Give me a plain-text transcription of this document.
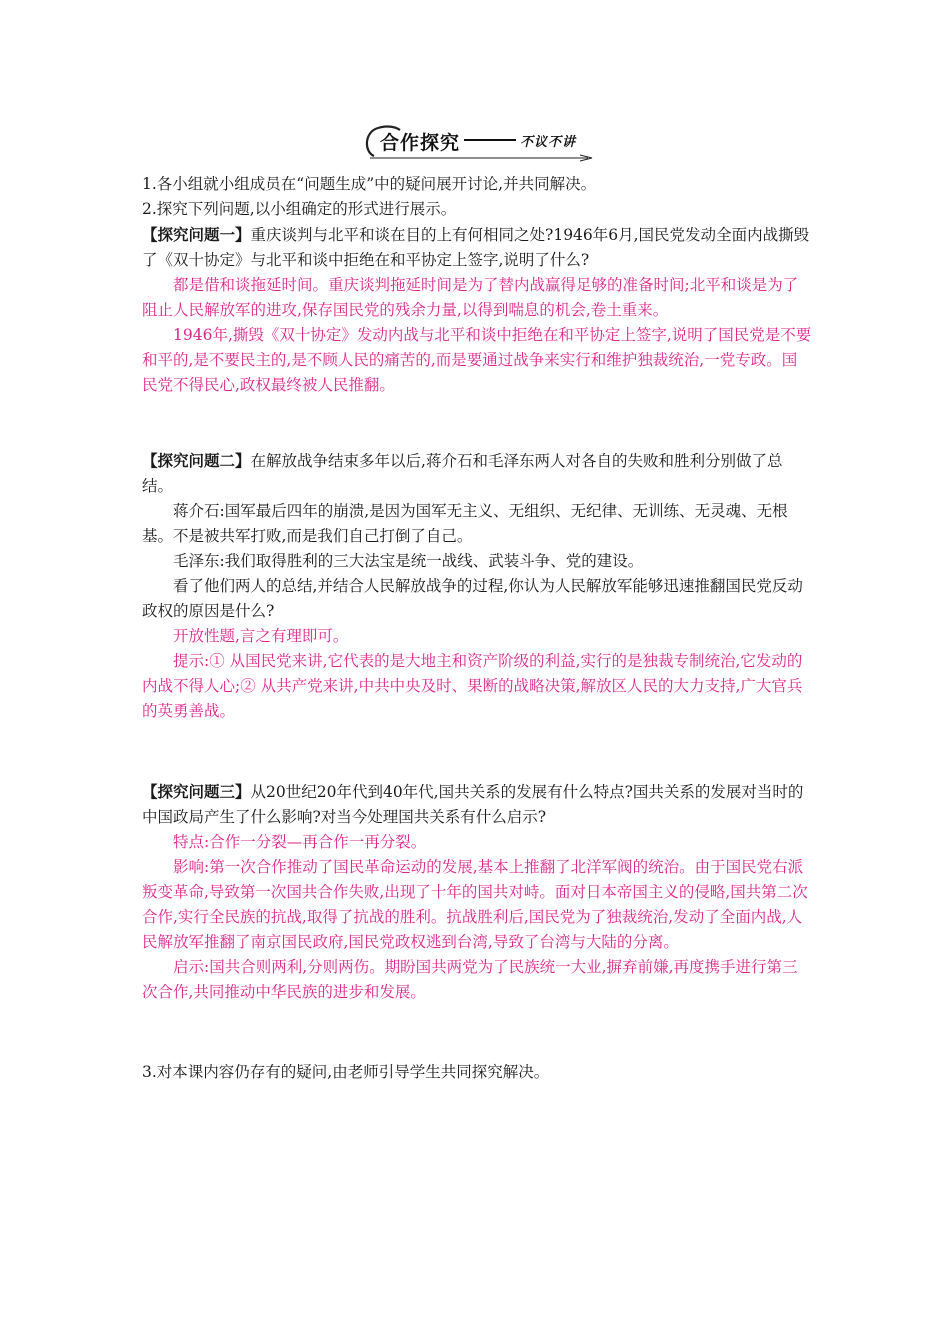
合作探究	不议不讲

1.各小组就小组成员在“问题生成”中的疑问展开讨论,并共同解决。

2.探究下列问题,以小组确定的形式进行展示。

【探究问题一】重庆谈判与北平和谈在目的上有何相同之处?1946年6月,国民党发动全面内战撕毁了《双十协定》与北平和谈中拒绝在和平协定上签字,说明了什么?

都是借和谈拖延时间。重庆谈判拖延时间是为了替内战赢得足够的准备时间;北平和谈是为了阻止人民解放军的进攻,保存国民党的残余力量,以得到喘息的机会,卷土重来。

1946年,撕毁《双十协定》发动内战与北平和谈中拒绝在和平协定上签字,说明了国民党是不要和平的,是不要民主的,是不顾人民的痛苦的,而是要通过战争来实行和维护独裁统治,一党专政。国民党不得民心,政权最终被人民推翻。

【探究问题二】在解放战争结束多年以后,蒋介石和毛泽东两人对各自的失败和胜利分别做了总结。

蒋介石:国军最后四年的崩溃,是因为国军无主义、无组织、无纪律、无训练、无灵魂、无根基。不是被共军打败,而是我们自己打倒了自己。

毛泽东:我们取得胜利的三大法宝是统一战线、武装斗争、党的建设。

看了他们两人的总结,并结合人民解放战争的过程,你认为人民解放军能够迅速推翻国民党反动政权的原因是什么?

开放性题,言之有理即可。

提示:① 从国民党来讲,它代表的是大地主和资产阶级的利益,实行的是独裁专制统治,它发动的内战不得人心;② 从共产党来讲,中共中央及时、果断的战略决策,解放区人民的大力支持,广大官兵的英勇善战。

【探究问题三】从20世纪20年代到40年代,国共关系的发展有什么特点?国共关系的发展对当时的中国政局产生了什么影响?对当今处理国共关系有什么启示?

特点:合作一分裂—再合作一再分裂。

影响:第一次合作推动了国民革命运动的发展,基本上推翻了北洋军阀的统治。由于国民党右派叛变革命,导致第一次国共合作失败,出现了十年的国共对峙。面对日本帝国主义的侵略,国共第二次合作,实行全民族的抗战,取得了抗战的胜利。抗战胜利后,国民党为了独裁统治,发动了全面内战,人民解放军推翻了南京国民政府,国民党政权逃到台湾,导致了台湾与大陆的分离。

启示:国共合则两利,分则两伤。期盼国共两党为了民族统一大业,摒弃前嫌,再度携手进行第三次合作,共同推动中华民族的进步和发展。

3.对本课内容仍存有的疑问,由老师引导学生共同探究解决。
